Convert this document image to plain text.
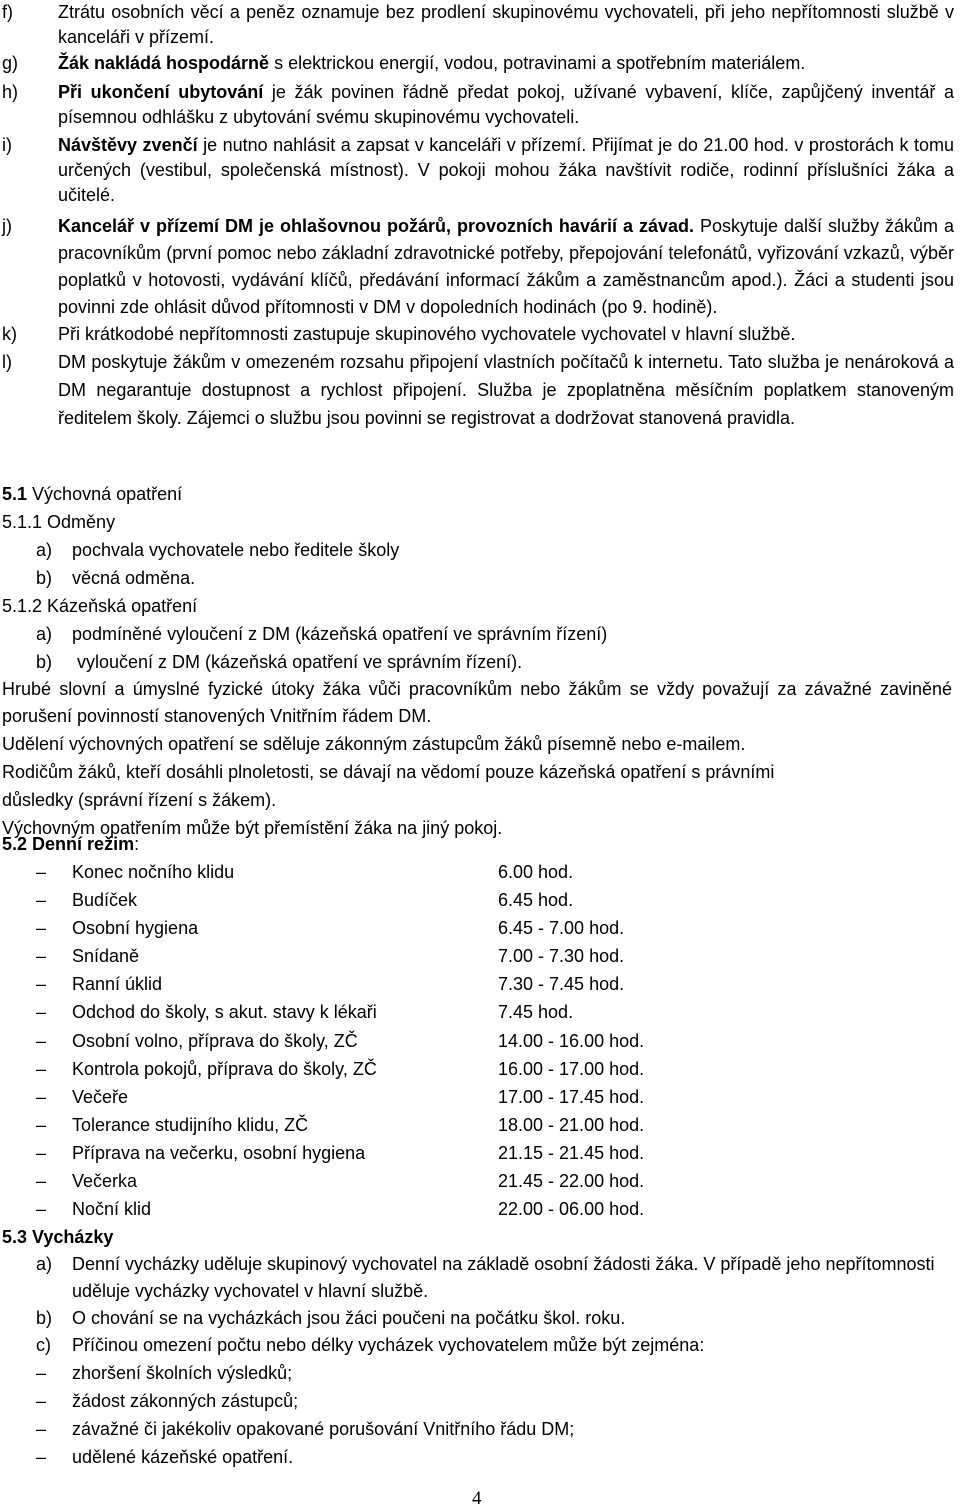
f)	Ztrátu osobních věcí a peněz oznamuje bez prodlení skupinovému vychovateli, při jeho nepřítomnosti službě v kanceláři v přízemí.

g) Žák nakládá hospodárně s elektrickou energií, vodou, potravinami a spotřebním materiálem.

h) Při ukončení ubytování je žák povinen řádně předat pokoj, užívané vybavení, klíče, zapůjčený inventář a písemnou odhlášku z ubytování svému skupinovému vychovateli.

i)	Návštěvy zvenčí je nutno nahlásit a zapsat v kanceláři v přízemí. Přijímat je do 21.00 hod. v prostorách k tomu určených (vestibul, společenská místnost). V pokoji mohou žáka navštívit rodiče, rodinní příslušníci žáka a učitelé.

j)	Kancelář v přízemí DM je ohlašovnou požárů, provozních havárií a závad. Poskytuje další služby žákům a pracovníkům (první pomoc nebo základní zdravotnické potřeby, přepojování telefonátů, vyřizování vzkazů, výběr poplatků v hotovosti, vydávání klíčů, předávání informací žákům a zaměstnancům apod.). Žáci a studenti jsou povinni zde ohlásit důvod přítomnosti v DM v dopoledních hodinách (po 9. hodině).

k) Při krátkodobé nepřítomnosti zastupuje skupinového vychovatele vychovatel v hlavní službě.

l)	DM poskytuje žákům v omezeném rozsahu připojení vlastních počítačů k internetu. Tato služba je nenároková a DM negarantuje dostupnost a rychlost připojení. Služba je zpoplatněna měsíčním poplatkem stanoveným ředitelem školy. Zájemci o službu jsou povinni se registrovat a dodržovat stanovená pravidla.

5.1 Výchovná opatření
5.1.1 Odměny
a) pochvala vychovatele nebo ředitele školy
b) věcná odměna.
5.1.2 Kázeňská opatření
a) podmíněné vyloučení z DM (kázeňská opatření ve správním řízení)
b) vyloučení z DM (kázeňská opatření ve správním řízení).
Hrubé slovní a úmyslné fyzické útoky žáka vůči pracovníkům nebo žákům se vždy považují za závažné zaviněné porušení povinností stanovených Vnitřním řádem DM.
Udělení výchovných opatření se sděluje zákonným zástupcům žáků písemně nebo e-mailem.
Rodičům žáků, kteří dosáhli plnoletosti, se dávají na vědomí pouze kázeňská opatření s právními
důsledky (správní řízení s žákem).
Výchovným opatřením může být přemístění žáka na jiný pokoj.
5.2 Denní režim:
– Konec nočního klidu	6.00 hod.
– Budíček	6.45 hod.
– Osobní hygiena	6.45 - 7.00 hod.
– Snídaně	7.00 - 7.30 hod.
– Ranní úklid	7.30 - 7.45 hod.
– Odchod do školy, s akut. stavy k lékaři	7.45 hod.
– Osobní volno, příprava do školy, ZČ	14.00 - 16.00 hod.
– Kontrola pokojů, příprava do školy, ZČ	16.00 - 17.00 hod.
– Večeře	17.00 - 17.45 hod.
– Tolerance studijního klidu, ZČ	18.00 - 21.00 hod.
– Příprava na večerku, osobní hygiena	21.15 - 21.45 hod.
– Večerka	21.45 - 22.00 hod.
– Noční klid	22.00 - 06.00 hod.
5.3 Vycházky
a) Denní vycházky uděluje skupinový vychovatel na základě osobní žádosti žáka. V případě jeho nepřítomnosti uděluje vycházky vychovatel v hlavní službě.

b) O chování se na vycházkách jsou žáci poučeni na počátku škol. roku.

c) Příčinou omezení počtu nebo délky vycházek vychovatelem může být zejména:

– zhoršení školních výsledků;
– žádost zákonných zástupců;
– závažné či jakékoliv opakované porušování Vnitřního řádu DM;
– udělené kázeňské opatření.
4
